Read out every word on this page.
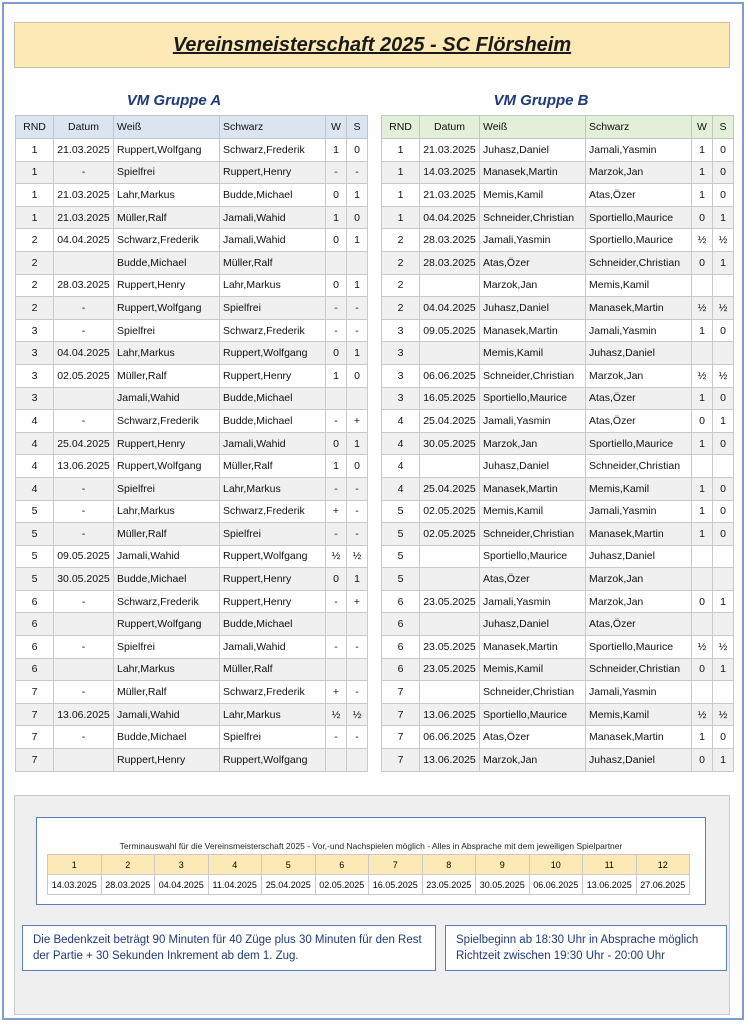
Vereinsmeisterschaft 2025 - SC Flörsheim
VM Gruppe A	VM Gruppe B
RND	Datum	Weiß	Schwarz	W	S
1	21.03.2025	Ruppert,Wolfgang	Schwarz,Frederik	1	0
1	-	Spielfrei	Ruppert,Henry	-	-
1	21.03.2025	Lahr,Markus	Budde,Michael	0	1
1	21.03.2025	Müller,Ralf	Jamali,Wahid	1	0
2	04.04.2025	Schwarz,Frederik	Jamali,Wahid	0	1
2		Budde,Michael	Müller,Ralf		
2	28.03.2025	Ruppert,Henry	Lahr,Markus	0	1
2	-	Ruppert,Wolfgang	Spielfrei	-	-
3	-	Spielfrei	Schwarz,Frederik	-	-
3	04.04.2025	Lahr,Markus	Ruppert,Wolfgang	0	1
3	02.05.2025	Müller,Ralf	Ruppert,Henry	1	0
3		Jamali,Wahid	Budde,Michael		
4	-	Schwarz,Frederik	Budde,Michael	-	+
4	25.04.2025	Ruppert,Henry	Jamali,Wahid	0	1
4	13.06.2025	Ruppert,Wolfgang	Müller,Ralf	1	0
4	-	Spielfrei	Lahr,Markus	-	-
5	-	Lahr,Markus	Schwarz,Frederik	+	-
5	-	Müller,Ralf	Spielfrei	-	-
5	09.05.2025	Jamali,Wahid	Ruppert,Wolfgang	½	½
5	30.05.2025	Budde,Michael	Ruppert,Henry	0	1
6	-	Schwarz,Frederik	Ruppert,Henry	-	+
6		Ruppert,Wolfgang	Budde,Michael		
6	-	Spielfrei	Jamali,Wahid	-	-
6		Lahr,Markus	Müller,Ralf		
7	-	Müller,Ralf	Schwarz,Frederik	+	-
7	13.06.2025	Jamali,Wahid	Lahr,Markus	½	½
7	-	Budde,Michael	Spielfrei	-	-
7		Ruppert,Henry	Ruppert,Wolfgang		
RND	Datum	Weiß	Schwarz	W	S
1	21.03.2025	Juhasz,Daniel	Jamali,Yasmin	1	0
1	14.03.2025	Manasek,Martin	Marzok,Jan	1	0
1	21.03.2025	Memis,Kamil	Atas,Özer	1	0
1	04.04.2025	Schneider,Christian	Sportiello,Maurice	0	1
2	28.03.2025	Jamali,Yasmin	Sportiello,Maurice	½	½
2	28.03.2025	Atas,Özer	Schneider,Christian	0	1
2		Marzok,Jan	Memis,Kamil		
2	04.04.2025	Juhasz,Daniel	Manasek,Martin	½	½
3	09.05.2025	Manasek,Martin	Jamali,Yasmin	1	0
3		Memis,Kamil	Juhasz,Daniel		
3	06.06.2025	Schneider,Christian	Marzok,Jan	½	½
3	16.05.2025	Sportiello,Maurice	Atas,Özer	1	0
4	25.04.2025	Jamali,Yasmin	Atas,Özer	0	1
4	30.05.2025	Marzok,Jan	Sportiello,Maurice	1	0
4		Juhasz,Daniel	Schneider,Christian		
4	25.04.2025	Manasek,Martin	Memis,Kamil	1	0
5	02.05.2025	Memis,Kamil	Jamali,Yasmin	1	0
5	02.05.2025	Schneider,Christian	Manasek,Martin	1	0
5		Sportiello,Maurice	Juhasz,Daniel		
5		Atas,Özer	Marzok,Jan		
6	23.05.2025	Jamali,Yasmin	Marzok,Jan	0	1
6		Juhasz,Daniel	Atas,Özer		
6	23.05.2025	Manasek,Martin	Sportiello,Maurice	½	½
6	23.05.2025	Memis,Kamil	Schneider,Christian	0	1
7		Schneider,Christian	Jamali,Yasmin		
7	13.06.2025	Sportiello,Maurice	Memis,Kamil	½	½
7	06.06.2025	Atas,Özer	Manasek,Martin	1	0
7	13.06.2025	Marzok,Jan	Juhasz,Daniel	0	1
Terminauswahl für die Vereinsmeisterschaft 2025 - Vor,-und Nachspielen möglich - Alles in Absprache mit dem jeweiligen Spielpartner
1	2	3	4	5	6	7	8	9	10	11	12
14.03.2025	28.03.2025	04.04.2025	11.04.2025	25.04.2025	02.05.2025	16.05.2025	23.05.2025	30.05.2025	06.06.2025	13.06.2025	27.06.2025
Die Bedenkzeit beträgt 90 Minuten für 40 Züge plus 30 Minuten für den Rest der Partie + 30 Sekunden Inkrement ab dem 1. Zug.
Spielbeginn ab 18:30 Uhr in Absprache möglich Richtzeit zwischen 19:30 Uhr - 20:00 Uhr
